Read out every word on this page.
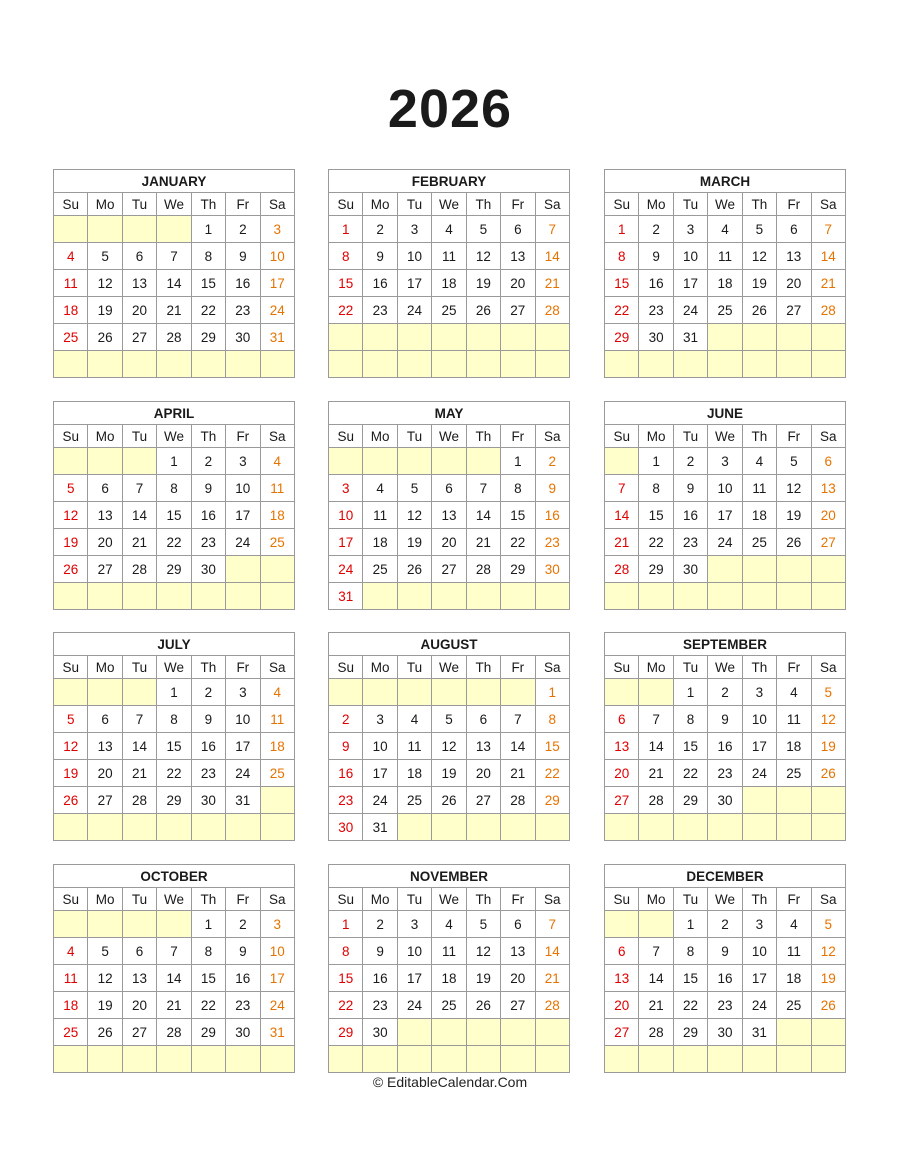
2026
JANUARY						
Su	Mo	Tu	We	Th	Fr	Sa
				1	2	3
4	5	6	7	8	9	10
11	12	13	14	15	16	17
18	19	20	21	22	23	24
25	26	27	28	29	30	31

FEBRUARY						
Su	Mo	Tu	We	Th	Fr	Sa
1	2	3	4	5	6	7
8	9	10	11	12	13	14
15	16	17	18	19	20	21
22	23	24	25	26	27	28

MARCH						
Su	Mo	Tu	We	Th	Fr	Sa
1	2	3	4	5	6	7
8	9	10	11	12	13	14
15	16	17	18	19	20	21
22	23	24	25	26	27	28
29	30	31				

APRIL						
Su	Mo	Tu	We	Th	Fr	Sa
			1	2	3	4
5	6	7	8	9	10	11
12	13	14	15	16	17	18
19	20	21	22	23	24	25
26	27	28	29	30		

MAY						
Su	Mo	Tu	We	Th	Fr	Sa
					1	2
3	4	5	6	7	8	9
10	11	12	13	14	15	16
17	18	19	20	21	22	23
24	25	26	27	28	29	30
31						
JUNE						
Su	Mo	Tu	We	Th	Fr	Sa
	1	2	3	4	5	6
7	8	9	10	11	12	13
14	15	16	17	18	19	20
21	22	23	24	25	26	27
28	29	30				

JULY						
Su	Mo	Tu	We	Th	Fr	Sa
			1	2	3	4
5	6	7	8	9	10	11
12	13	14	15	16	17	18
19	20	21	22	23	24	25
26	27	28	29	30	31	

AUGUST						
Su	Mo	Tu	We	Th	Fr	Sa
						1
2	3	4	5	6	7	8
9	10	11	12	13	14	15
16	17	18	19	20	21	22
23	24	25	26	27	28	29
30	31					
SEPTEMBER						
Su	Mo	Tu	We	Th	Fr	Sa
		1	2	3	4	5
6	7	8	9	10	11	12
13	14	15	16	17	18	19
20	21	22	23	24	25	26
27	28	29	30			

OCTOBER						
Su	Mo	Tu	We	Th	Fr	Sa
				1	2	3
4	5	6	7	8	9	10
11	12	13	14	15	16	17
18	19	20	21	22	23	24
25	26	27	28	29	30	31

NOVEMBER						
Su	Mo	Tu	We	Th	Fr	Sa
1	2	3	4	5	6	7
8	9	10	11	12	13	14
15	16	17	18	19	20	21
22	23	24	25	26	27	28
29	30					

DECEMBER						
Su	Mo	Tu	We	Th	Fr	Sa
		1	2	3	4	5
6	7	8	9	10	11	12
13	14	15	16	17	18	19
20	21	22	23	24	25	26
27	28	29	30	31		

© EditableCalendar.Com
